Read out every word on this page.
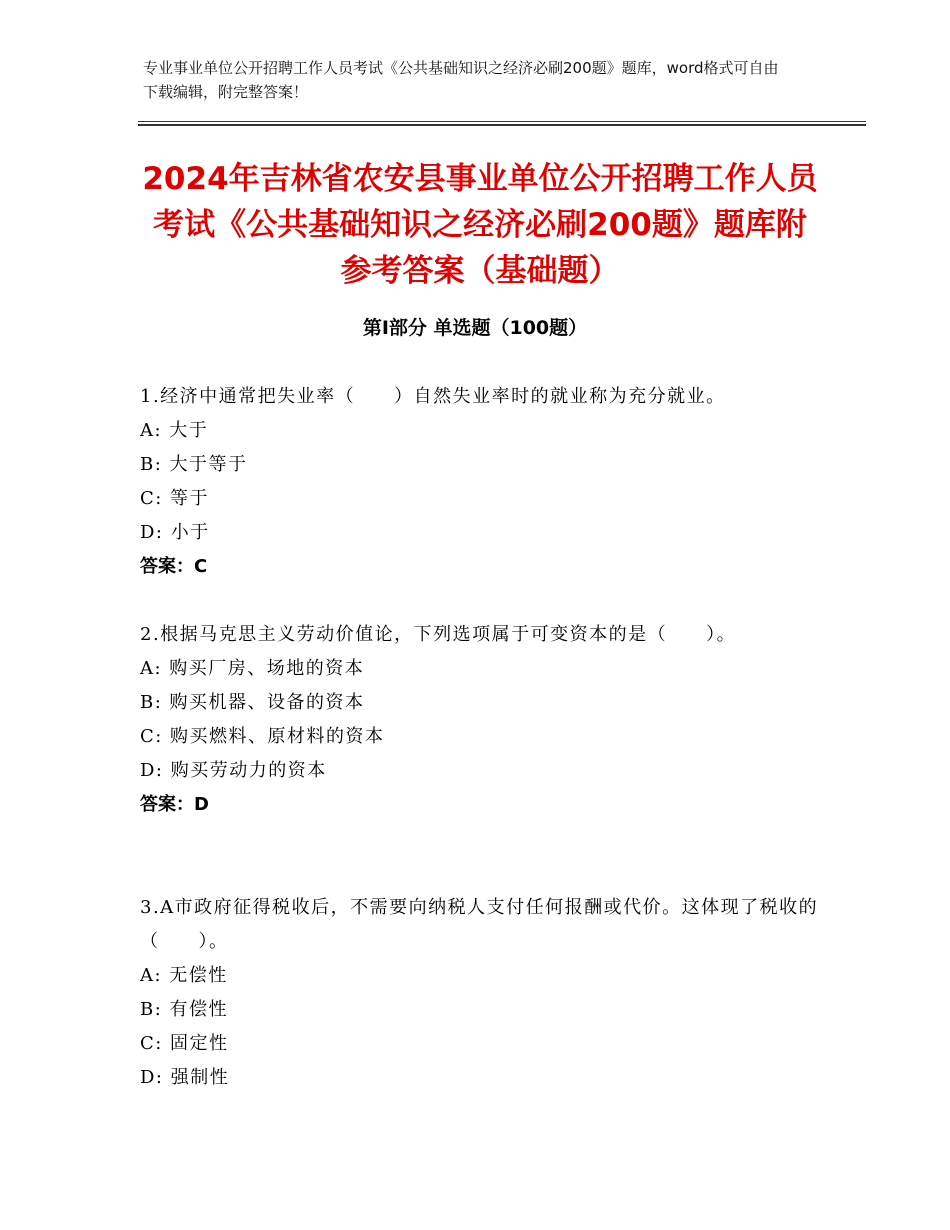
专业事业单位公开招聘工作人员考试《公共基础知识之经济必刷200题》题库，word格式可自由下载编辑，附完整答案！
2024年吉林省农安县事业单位公开招聘工作人员考试《公共基础知识之经济必刷200题》题库附参考答案（基础题）
第Ⅰ部分 单选题（100题）

1.经济中通常把失业率（　　）自然失业率时的就业称为充分就业。

A: 大于

B: 大于等于

C: 等于

D: 小于

答案：C

2.根据马克思主义劳动价值论，下列选项属于可变资本的是（　　）。

A: 购买厂房、场地的资本

B: 购买机器、设备的资本

C: 购买燃料、原材料的资本

D: 购买劳动力的资本

答案：D

3.A市政府征得税收后，不需要向纳税人支付任何报酬或代价。这体现了税收的（　　）。

A: 无偿性

B: 有偿性

C: 固定性

D: 强制性
